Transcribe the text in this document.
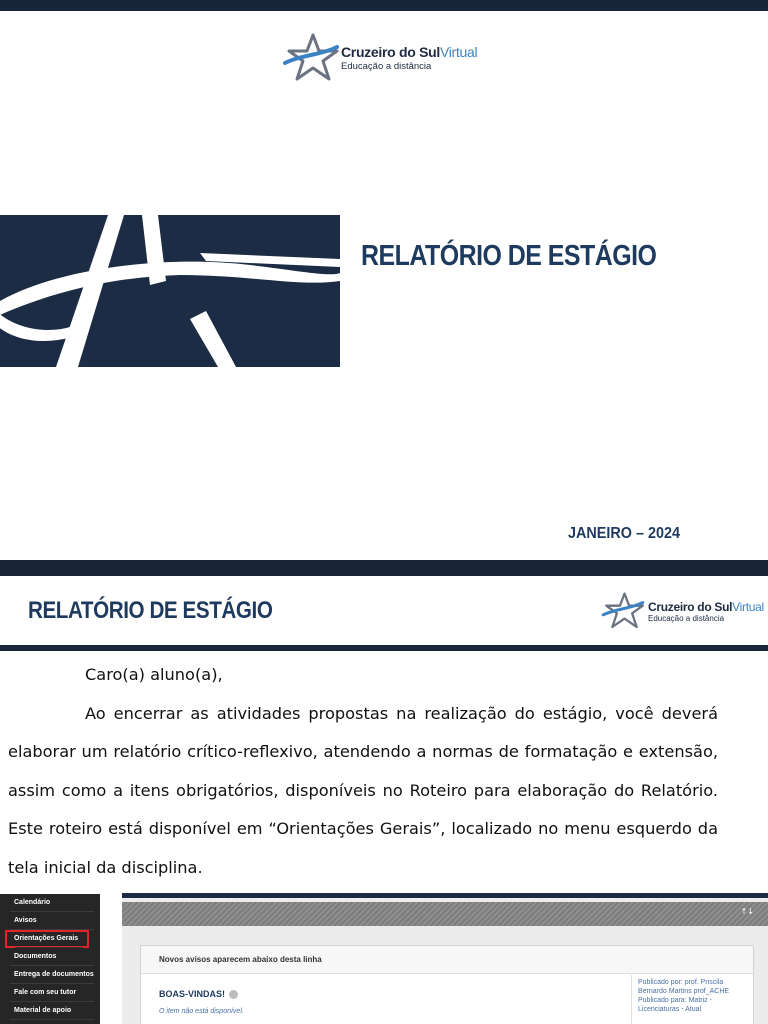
Cruzeiro do SulVirtual
Educação a distância
RELATÓRIO DE ESTÁGIO
JANEIRO – 2024
RELATÓRIO DE ESTÁGIO	Cruzeiro do SulVirtual
Educação a distância

Caro(a) aluno(a),

Ao encerrar as atividades propostas na realização do estágio, você deverá elaborar um relatório crítico-reflexivo, atendendo a normas de formatação e extensão, assim como a itens obrigatórios, disponíveis no Roteiro para elaboração do Relatório. Este roteiro está disponível em “Orientações Gerais”, localizado no menu esquerdo da tela inicial da disciplina.

Calendário
Avisos
Orientações Gerais
Documentos
Entrega de documentos
Fale com seu tutor
Material de apoio
↑↓
Novos avisos aparecem abaixo desta linha
BOAS-VINDAS!
O item não está disponível.
Publicado por: prof. Priscila
Bernardo Martins prof_ACHE
Publicado para: Matriz -
Licenciaturas - Atual
